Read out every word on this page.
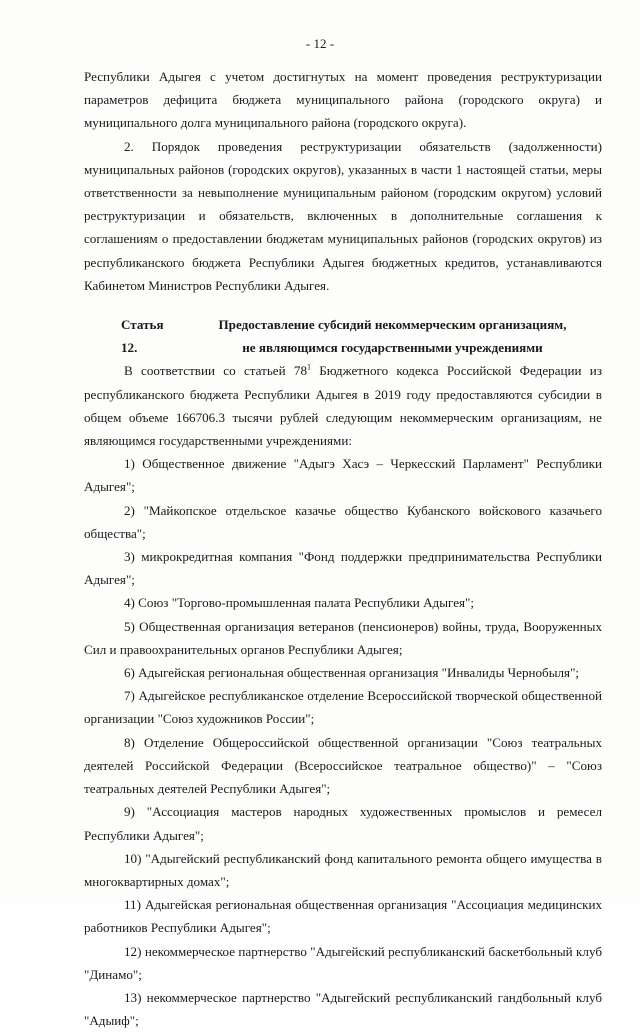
- 12 -

Республики Адыгея с учетом достигнутых на момент проведения реструктуризации параметров дефицита бюджета муниципального района (городского округа) и муниципального долга муниципального района (городского округа).

2. Порядок проведения реструктуризации обязательств (задолженности) муниципальных районов (городских округов), указанных в части 1 настоящей статьи, меры ответственности за невыполнение муниципальным районом (городским округом) условий реструктуризации и обязательств, включенных в дополнительные соглашения к соглашениям о предоставлении бюджетам муниципальных районов (городских округов) из республиканского бюджета Республики Адыгея бюджетных кредитов, устанавливаются Кабинетом Министров Республики Адыгея.

Статья 12.
Предоставление субсидий некоммерческим организациям,
не являющимся государственными учреждениями

В соответствии со статьей $78^1$ Бюджетного кодекса Российской Федерации из республиканского бюджета Республики Адыгея в 2019 году предоставляются субсидии в общем объеме 166706.3 тысячи рублей следующим некоммерческим организациям, не являющимся государственными учреждениями:

1) Общественное движение "Адыгэ Хасэ – Черкесский Парламент" Республики Адыгея";

2) "Майкопское отдельское казачье общество Кубанского войскового казачьего общества";

3) микрокредитная компания "Фонд поддержки предпринимательства Республики Адыгея";

4) Союз "Торгово-промышленная палата Республики Адыгея";

5) Общественная организация ветеранов (пенсионеров) войны, труда, Вооруженных Сил и правоохранительных органов Республики Адыгея;

6) Адыгейская региональная общественная организация "Инвалиды Чернобыля";

7) Адыгейское республиканское отделение Всероссийской творческой общественной организации "Союз художников России";

8) Отделение Общероссийской общественной организации "Союз театральных деятелей Российской Федерации (Всероссийское театральное общество)" – "Союз театральных деятелей Республики Адыгея";

9) "Ассоциация мастеров народных художественных промыслов и ремесел Республики Адыгея";

10) "Адыгейский республиканский фонд капитального ремонта общего имущества в многоквартирных домах";

11) Адыгейская региональная общественная организация "Ассоциация медицинских работников Республики Адыгея";

12) некоммерческое партнерство "Адыгейский республиканский баскетбольный клуб "Динамо";

13) некоммерческое партнерство "Адыгейский республиканский гандбольный клуб "Адыиф";
